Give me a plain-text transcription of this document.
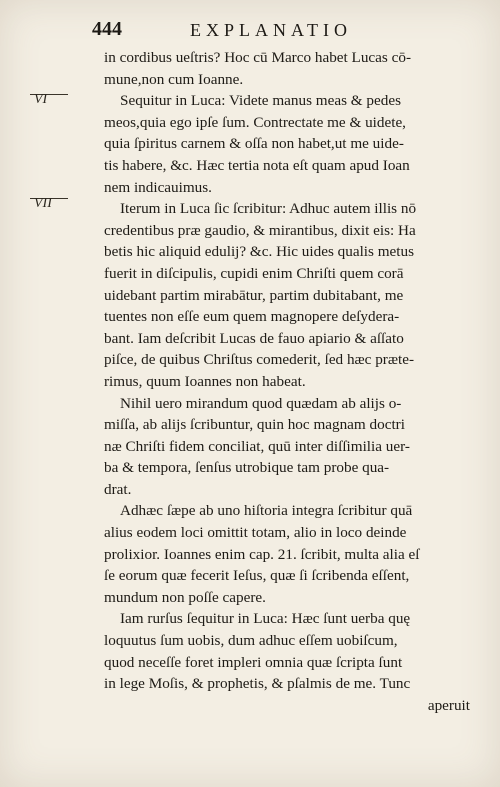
444	EXPLANATIO
VI
VII
in cordibus ueſtris? Hoc cū Marco habet Lucas cō-
mune,non cum Ioanne.
Sequitur in Luca: Videte manus meas & pedes
meos,quia ego ipſe ſum. Contrectate me & uidete,
quia ſpiritus carnem & oſſa non habet,ut me uide-
tis habere, &c. Hæc tertia nota eſt quam apud Ioan
nem indicauimus.
Iterum in Luca ſic ſcribitur: Adhuc autem illis nō
credentibus præ gaudio, & mirantibus, dixit eis: Ha
betis hic aliquid edulij? &c. Hic uides qualis metus
fuerit in diſcipulis, cupidi enim Chriſti quem corā
uidebant partim mirabātur, partim dubitabant, me
tuentes non eſſe eum quem magnopere deſydera-
bant. Iam deſcribit Lucas de fauo apiario & aſſato
piſce, de quibus Chriſtus comederit, ſed hæc præte-
rimus, quum Ioannes non habeat.
Nihil uero mirandum quod quædam ab alijs o-
miſſa, ab alijs ſcribuntur, quin hoc magnam doctri
næ Chriſti fidem conciliat, quū inter diſſimilia uer-
ba & tempora, ſenſus utrobique tam probe qua-
drat.
Adhæc ſæpe ab uno hiſtoria integra ſcribitur quā
alius eodem loci omittit totam, alio in loco deinde
prolixior. Ioannes enim cap. 21. ſcribit, multa alia eſ
ſe eorum quæ fecerit Ieſus, quæ ſi ſcribenda eſſent,
mundum non poſſe capere.
Iam rurſus ſequitur in Luca: Hæc ſunt uerba quę
loquutus ſum uobis, dum adhuc eſſem uobiſcum,
quod neceſſe foret impleri omnia quæ ſcripta ſunt
in lege Moſis, & prophetis, & pſalmis de me. Tunc
aperuit
